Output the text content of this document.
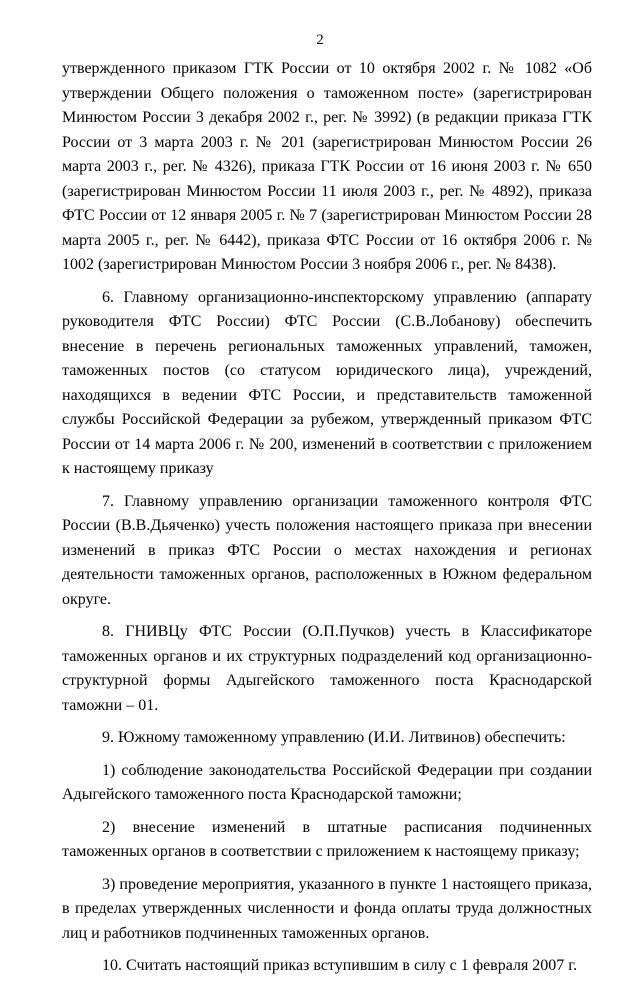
2

утвержденного приказом ГТК России от 10 октября 2002 г. № 1082 «Об утверждении Общего положения о таможенном посте» (зарегистрирован Минюстом России 3 декабря 2002 г., рег. № 3992) (в редакции приказа ГТК России от 3 марта 2003 г. № 201 (зарегистрирован Минюстом России 26 марта 2003 г., рег. № 4326), приказа ГТК России от 16 июня 2003 г. № 650 (зарегистрирован Минюстом России 11 июля 2003 г., рег. № 4892), приказа ФТС России от 12 января 2005 г. № 7 (зарегистрирован Минюстом России 28 марта 2005 г., рег. № 6442), приказа ФТС России от 16 октября 2006 г. № 1002 (зарегистрирован Минюстом России 3 ноября 2006 г., рег. № 8438).

6. Главному организационно-инспекторскому управлению (аппарату руководителя ФТС России) ФТС России (С.В.Лобанову) обеспечить внесение в перечень региональных таможенных управлений, таможен, таможенных постов (со статусом юридического лица), учреждений, находящихся в ведении ФТС России, и представительств таможенной службы Российской Федерации за рубежом, утвержденный приказом ФТС России от 14 марта 2006 г. № 200, изменений в соответствии с приложением к настоящему приказу

7. Главному управлению организации таможенного контроля ФТС России (В.В.Дьяченко) учесть положения настоящего приказа при внесении изменений в приказ ФТС России о местах нахождения и регионах деятельности таможенных органов, расположенных в Южном федеральном округе.

8. ГНИВЦу ФТС России (О.П.Пучков) учесть в Классификаторе таможенных органов и их структурных подразделений код организационно-структурной формы Адыгейского таможенного поста Краснодарской таможни – 01.

9. Южному таможенному управлению (И.И. Литвинов) обеспечить:

1) соблюдение законодательства Российской Федерации при создании Адыгейского таможенного поста Краснодарской таможни;

2) внесение изменений в штатные расписания подчиненных таможенных органов в соответствии с приложением к настоящему приказу;

3) проведение мероприятия, указанного в пункте 1 настоящего приказа, в пределах утвержденных численности и фонда оплаты труда должностных лиц и работников подчиненных таможенных органов.

10. Считать настоящий приказ вступившим в силу с 1 февраля 2007 г.
